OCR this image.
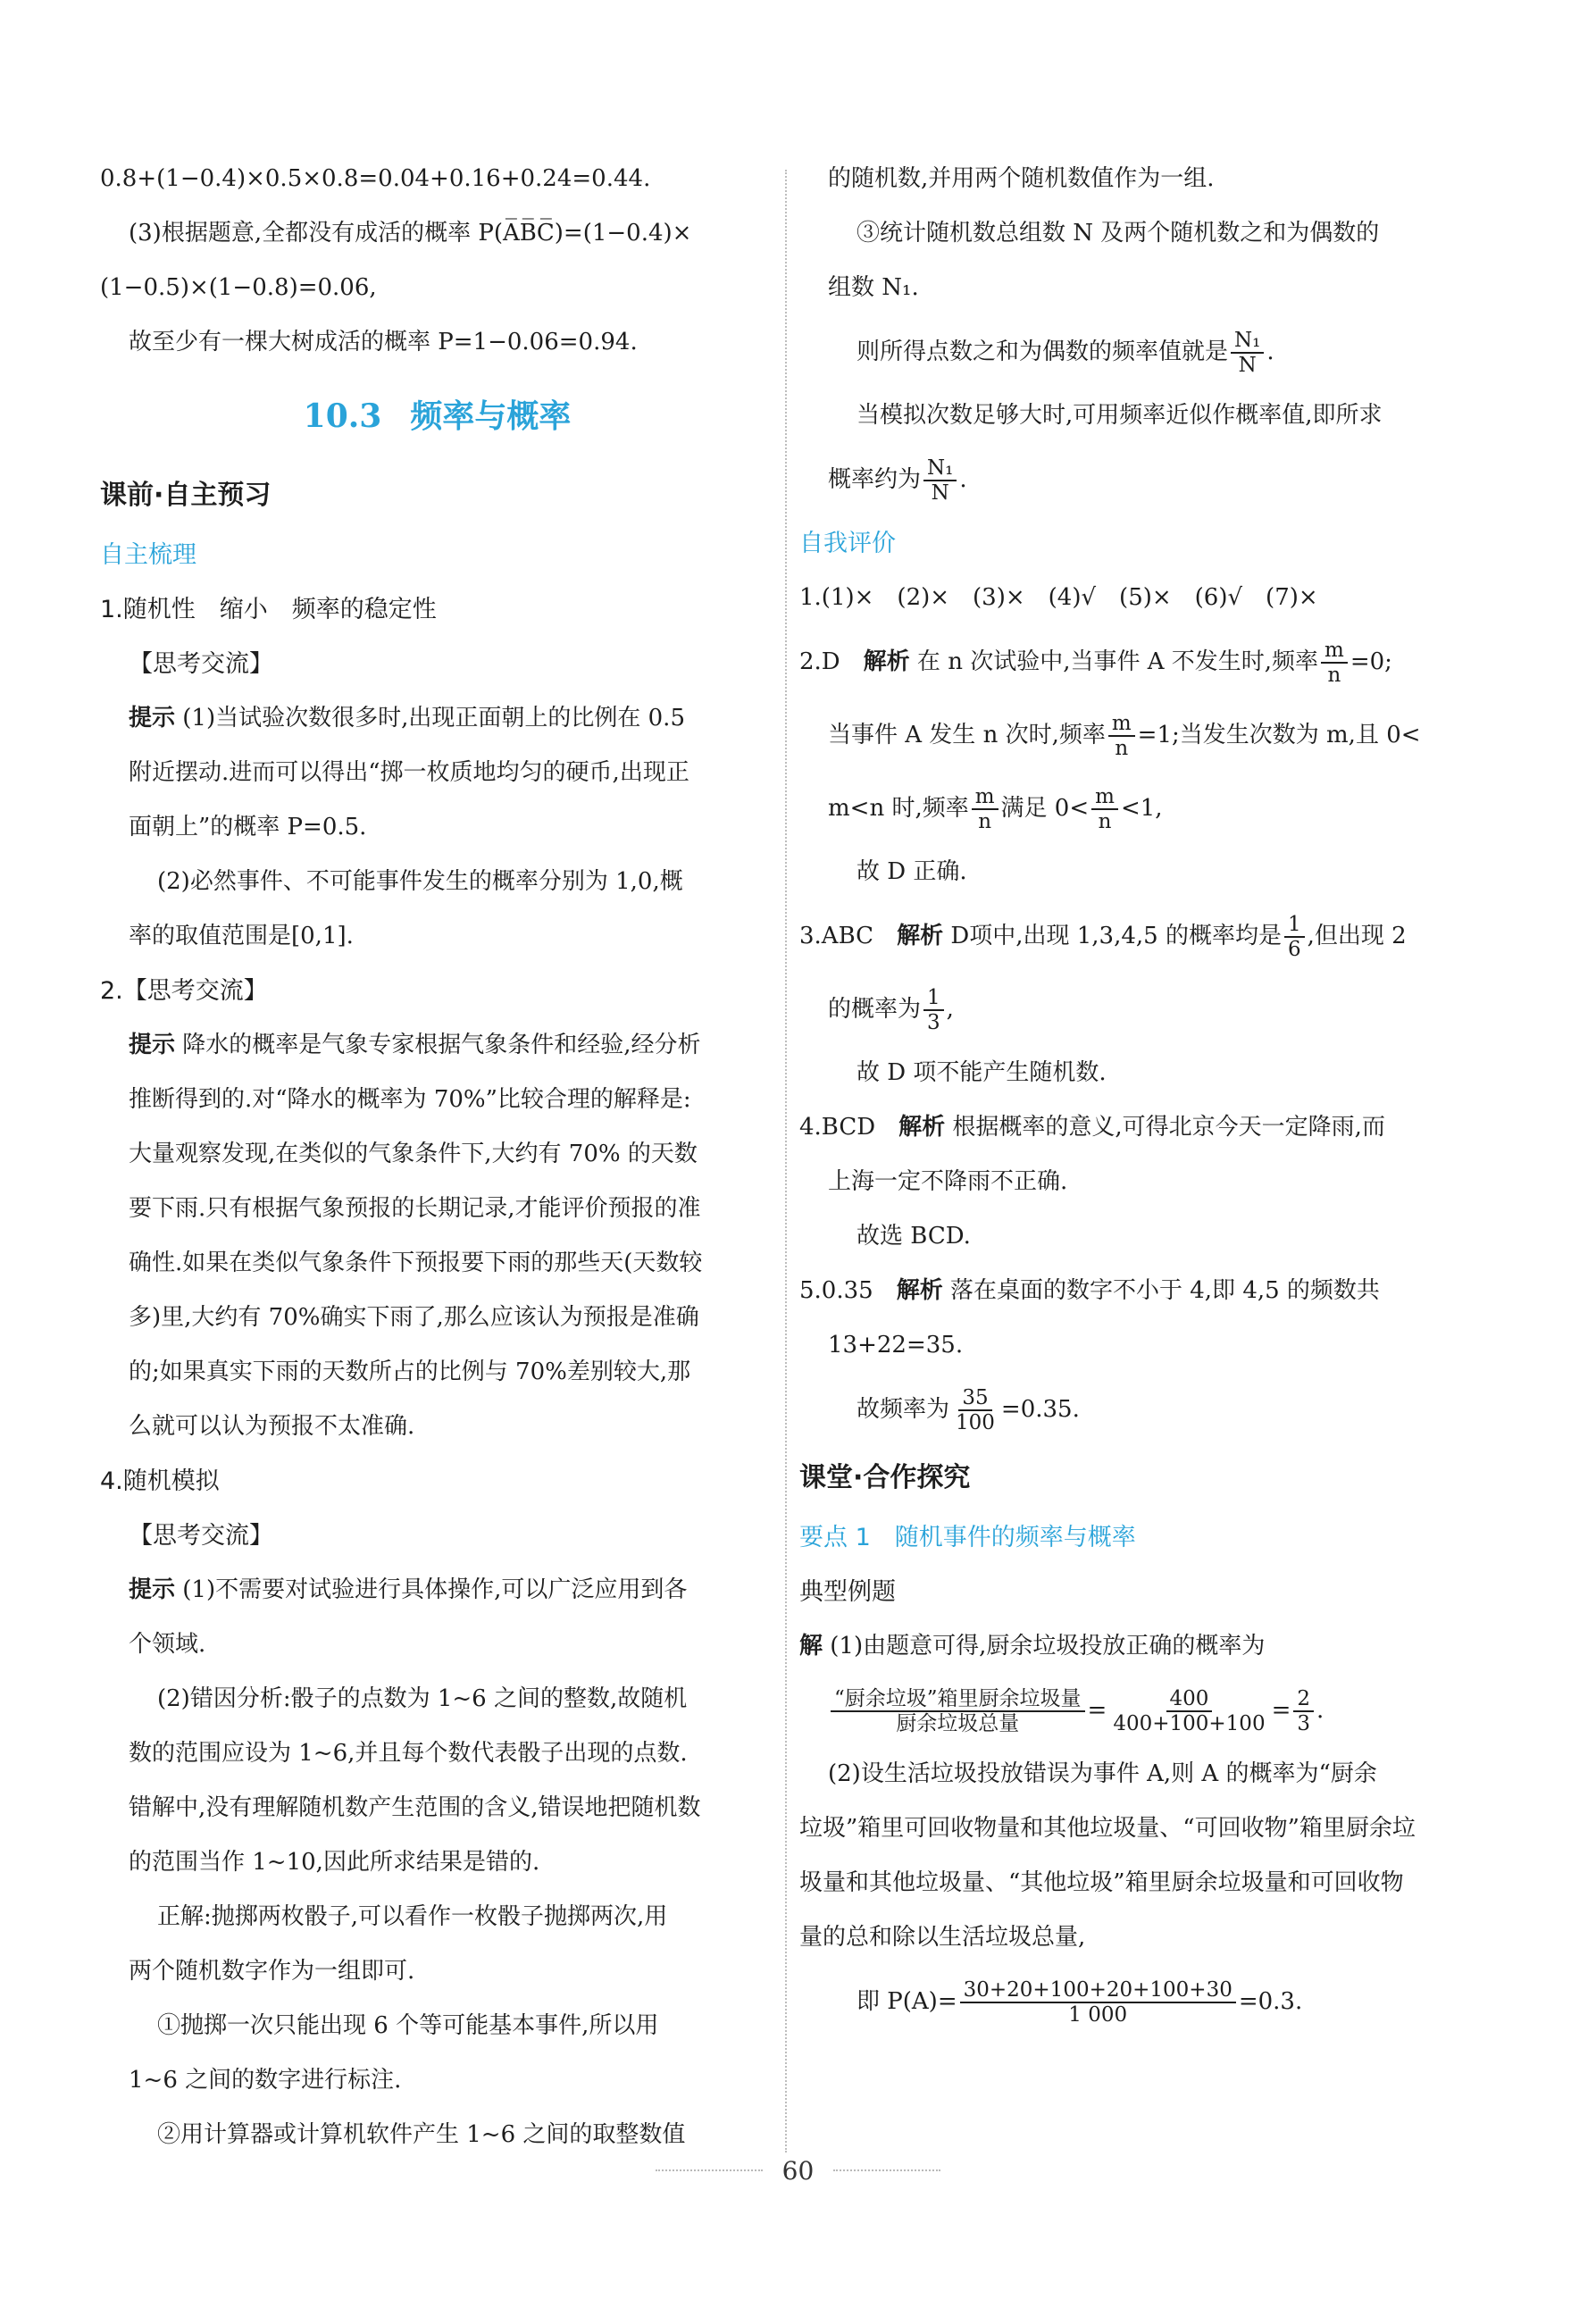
0.8+(1−0.4)×0.5×0.8=0.04+0.16+0.24=0.44.
(3)根据题意,全都没有成活的概率 P(A̅B̅C̅)=(1−0.4)×
(1−0.5)×(1−0.8)=0.06,
故至少有一棵大树成活的概率 P=1−0.06=0.94.
10.3 频率与概率
课前·自主预习
自主梳理
1.随机性　缩小　频率的稳定性
【思考交流】
提示 (1)当试验次数很多时,出现正面朝上的比例在 0.5
附近摆动.进而可以得出“掷一枚质地均匀的硬币,出现正
面朝上”的概率 P=0.5.
(2)必然事件、不可能事件发生的概率分别为 1,0,概
率的取值范围是[0,1].
2.【思考交流】
提示 降水的概率是气象专家根据气象条件和经验,经分析
推断得到的.对“降水的概率为 70%”比较合理的解释是:
大量观察发现,在类似的气象条件下,大约有 70% 的天数
要下雨.只有根据气象预报的长期记录,才能评价预报的准
确性.如果在类似气象条件下预报要下雨的那些天(天数较
多)里,大约有 70%确实下雨了,那么应该认为预报是准确
的;如果真实下雨的天数所占的比例与 70%差别较大,那
么就可以认为预报不太准确.
4.随机模拟
【思考交流】
提示 (1)不需要对试验进行具体操作,可以广泛应用到各
个领域.
(2)错因分析:骰子的点数为 1~6 之间的整数,故随机
数的范围应设为 1~6,并且每个数代表骰子出现的点数.
错解中,没有理解随机数产生范围的含义,错误地把随机数
的范围当作 1~10,因此所求结果是错的.
正解:抛掷两枚骰子,可以看作一枚骰子抛掷两次,用
两个随机数字作为一组即可.
①抛掷一次只能出现 6 个等可能基本事件,所以用
1~6 之间的数字进行标注.
②用计算器或计算机软件产生 1~6 之间的取整数值
的随机数,并用两个随机数值作为一组.
③统计随机数总组数 N 及两个随机数之和为偶数的
组数 N₁.
则所得点数之和为偶数的频率值就是 $\frac{\text{N₁}}{N}$ .
当模拟次数足够大时,可用频率近似作概率值,即所求
概率约为 $\frac{\text{N₁}}{N}$ .
自我评价
1.(1)×　(2)×　(3)×　(4)√　(5)×　(6)√　(7)×
2.D　解析 在 n 次试验中,当事件 A 不发生时,频率 $\frac{m}{n} =0$;
当事件 A 发生 n 次时,频率 $\frac{m}{n} =1$;当发生次数为 m,且 0<
m<n 时,频率 $\frac{m}{n}$ 满足 $0< \frac{m}{n} <1$,
故 D 正确.
3.ABC　解析 D项中,出现 1,3,4,5 的概率均是 $\frac{1}{6}$ ,但出现 2
的概率为 $\frac{1}{3}$ ,
故 D 项不能产生随机数.
4.BCD　解析 根据概率的意义,可得北京今天一定降雨,而
上海一定不降雨不正确.
故选 BCD.
5.0.35　解析 落在桌面的数字不小于 4,即 4,5 的频数共
13+22=35.
故频率为 $\frac{35}{100} =0.35$.
课堂·合作探究
要点 1　随机事件的频率与概率
典型例题
解 (1)由题意可得,厨余垃圾投放正确的概率为
$\frac{\text{“厨余垃圾”箱里厨余垃圾量}}{\text{厨余垃圾总量}} = \frac{400}{400+100+100} = \frac{2}{3}$ .
(2)设生活垃圾投放错误为事件 A,则 A 的概率为“厨余
垃圾”箱里可回收物量和其他垃圾量、“可回收物”箱里厨余垃
圾量和其他垃圾量、“其他垃圾”箱里厨余垃圾量和可回收物
量的总和除以生活垃圾总量,
即 $P(A)= \frac{30+20+100+20+100+30}{1 000} =0.3$.
60
